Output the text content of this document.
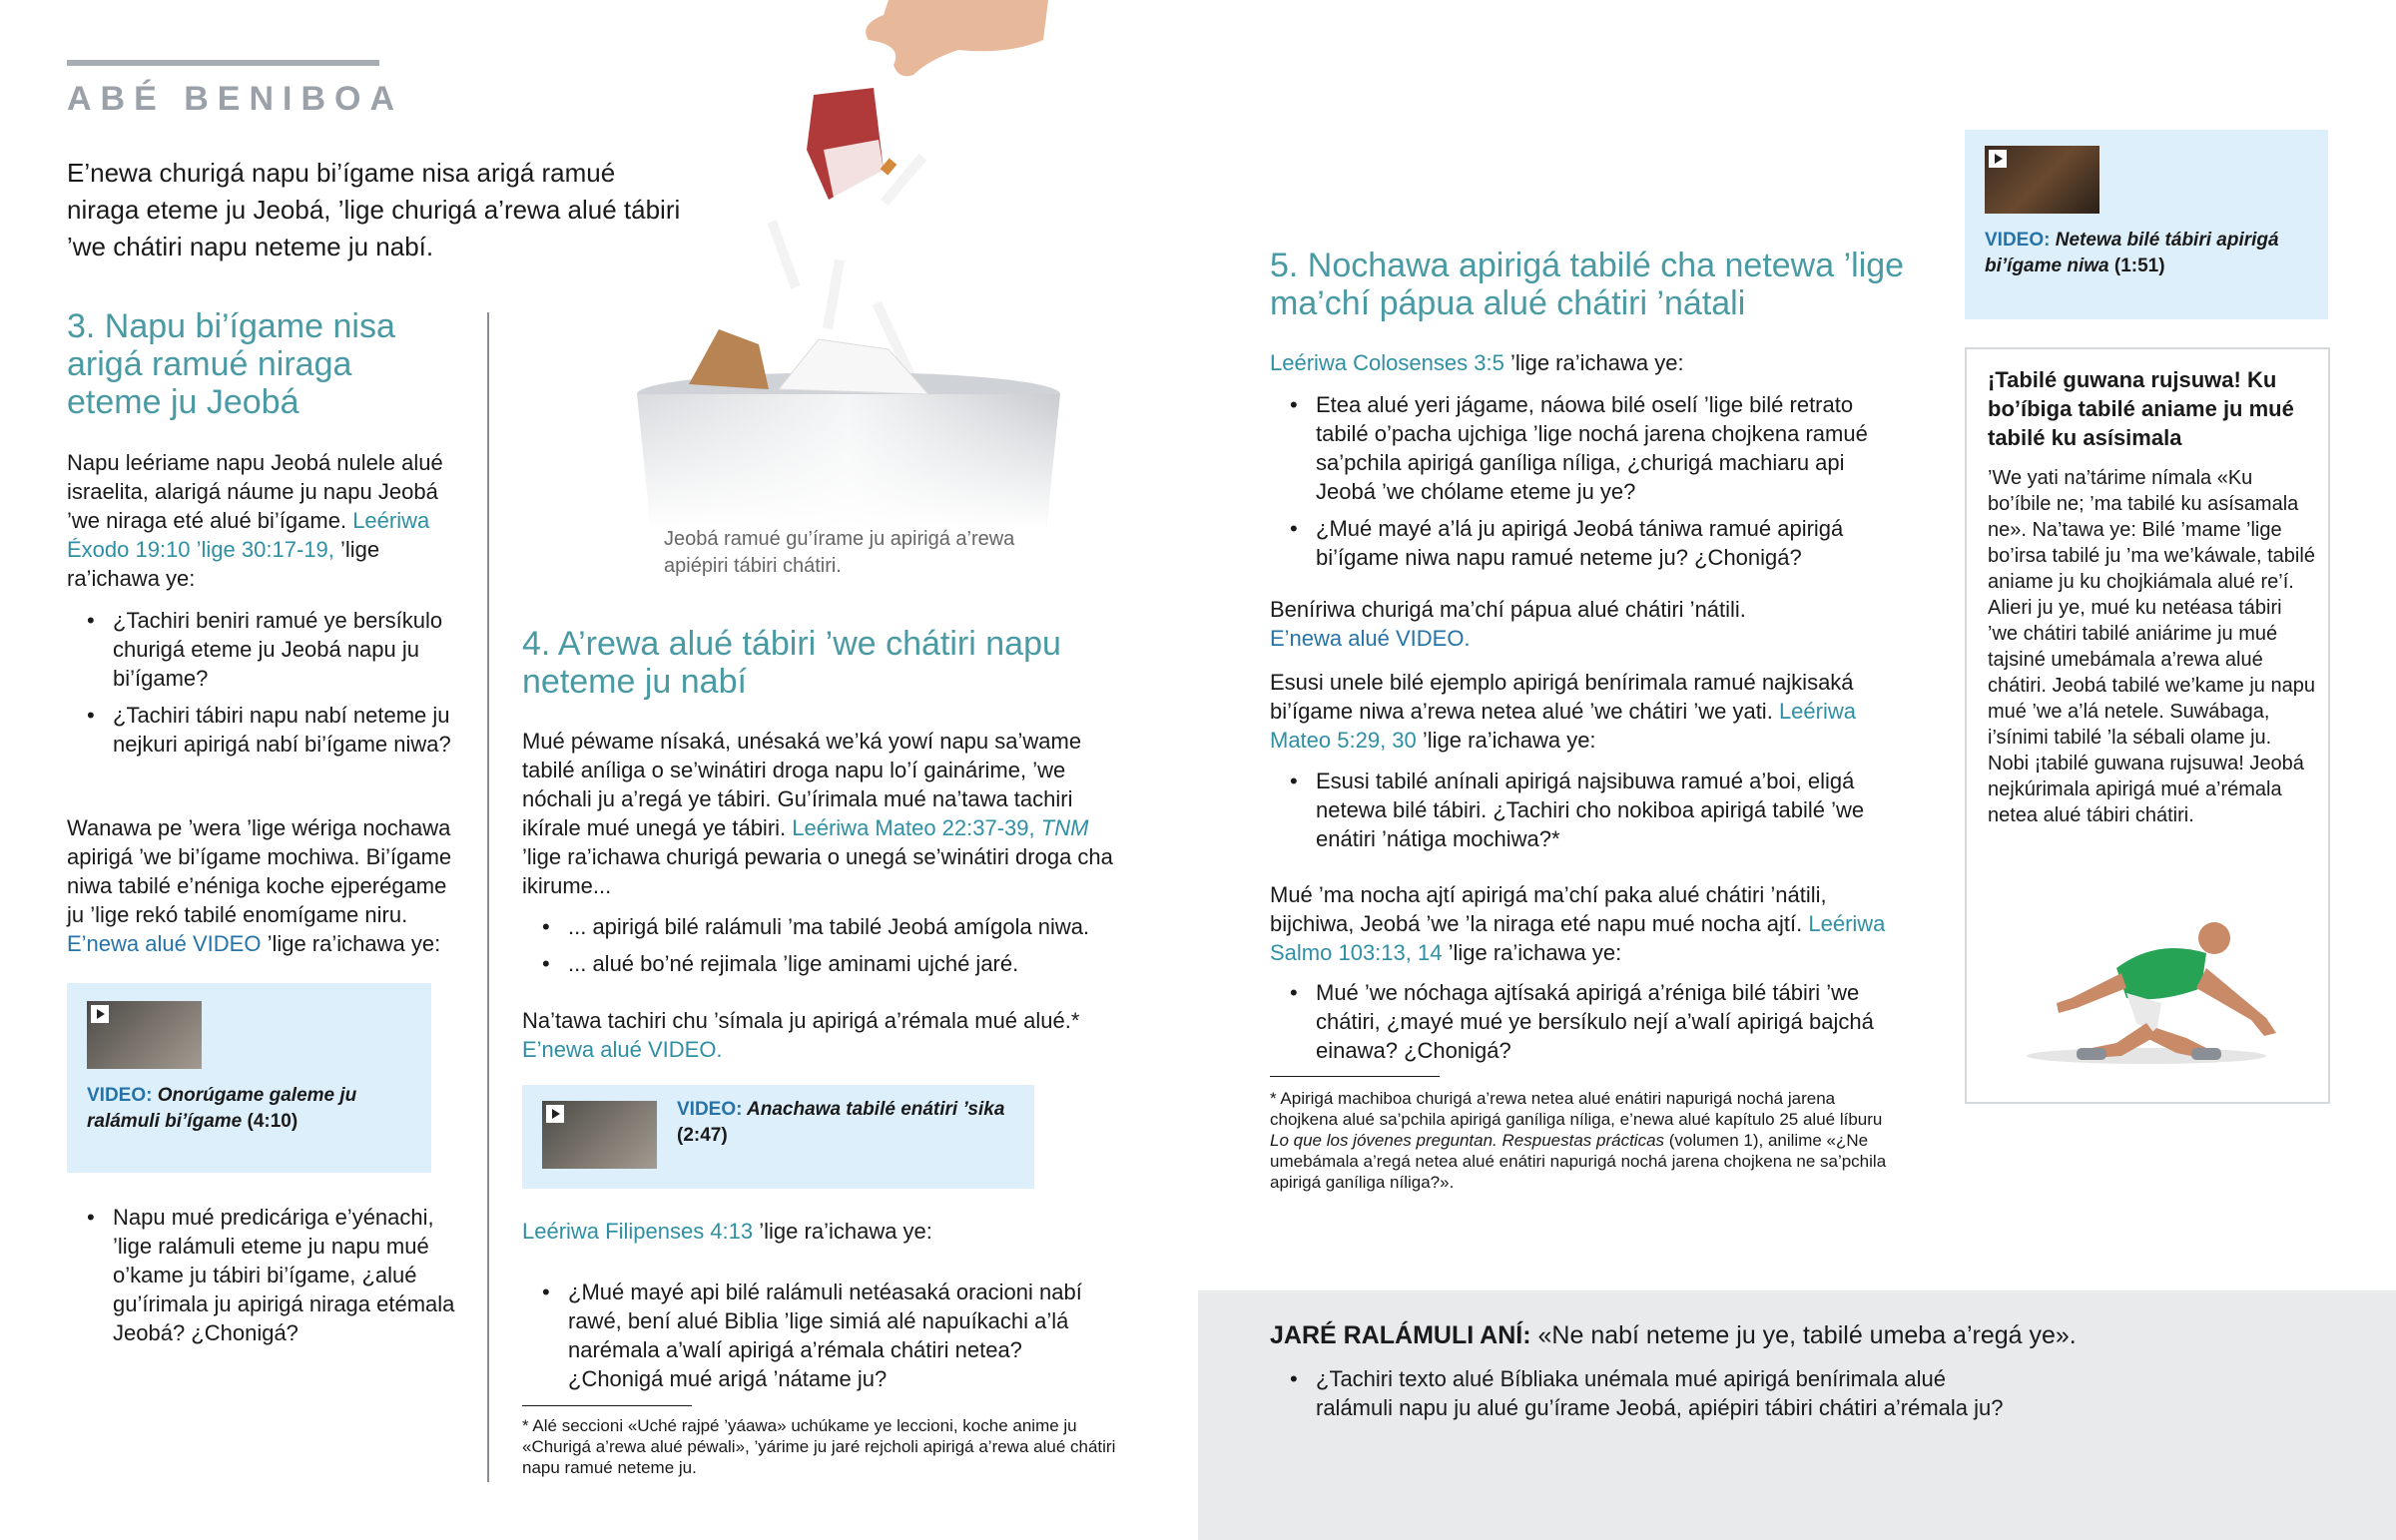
ABÉ BENIBOA
E’newa churigá napu bi’ígame nisa arigá ramué niraga eteme ju Jeobá, ’lige churigá a’rewa alué tábiri ’we chátiri napu neteme ju nabí.
Jeobá ramué gu’írame ju apirigá a’rewa apiépiri tábiri chátiri.
3. Napu bi’ígame nisa arigá ramué niraga eteme ju Jeobá

Napu leériame napu Jeobá nulele alué israelita, alarigá náume ju napu Jeobá ’we niraga eté alué bi’ígame. Leériwa Éxodo 19:10 ’lige 30:17-19, ’lige ra’ichawa ye:

• ¿Tachiri beniri ramué ye bersíkulo churigá eteme ju Jeobá napu ju bi’ígame?
• ¿Tachiri tábiri napu nabí neteme ju nejkuri apirigá nabí bi’ígame niwa?

Wanawa pe ’wera ’lige wériga nochawa apirigá ’we bi’ígame mochiwa. Bi’ígame niwa tabilé e’néniga koche ejperégame ju ’lige rekó tabilé enomígame niru. E’newa alué VIDEO ’lige ra’ichawa ye:

VIDEO: Onorúgame galeme ju ralámuli bi’ígame (4:10)
• Napu mué predicáriga e’yénachi, ’lige ralámuli eteme ju napu mué o’kame ju tábiri bi’ígame, ¿alué gu’írimala ju apirigá niraga etémala Jeobá? ¿Chonigá?
4. A’rewa alué tábiri ’we chátiri napu neteme ju nabí

Mué péwame nísaká, unésaká we’ká yowí napu sa’wame tabilé aníliga o se’winátiri droga napu lo’í gainárime, ’we nóchali ju a’regá ye tábiri. Gu’írimala mué na’tawa tachiri ikírale mué unegá ye tábiri. Leériwa Mateo 22:37-39, TNM ’lige ra’ichawa churigá pewaria o unegá se’winátiri droga cha ikirume...

• ... apirigá bilé ralámuli ’ma tabilé Jeobá amígola niwa.
• ... alué bo’né rejimala ’lige aminami ujché jaré.

Na’tawa tachiri chu ’símala ju apirigá a’rémala mué alué.*
E’newa alué VIDEO.

VIDEO: Anachawa tabilé enátiri ’sika
(2:47)

Leériwa Filipenses 4:13 ’lige ra’ichawa ye:

• ¿Mué mayé api bilé ralámuli netéasaká oracioni nabí rawé, bení alué Biblia ’lige simiá alé napuíkachi a’lá narémala a’walí apirigá a’rémala chátiri netea? ¿Chonigá mué arigá ’nátame ju?

* Alé seccioni «Uché rajpé ’yáawa» uchúkame ye leccioni, koche anime ju «Churigá a’rewa alué péwali», ’yárime ju jaré rejcholi apirigá a’rewa alué chátiri napu ramué neteme ju.

5. Nochawa apirigá tabilé cha netewa ’lige ma’chí pápua alué chátiri ’nátali

Leériwa Colosenses 3:5 ’lige ra’ichawa ye:

• Etea alué yeri jágame, náowa bilé oselí ’lige bilé retrato tabilé o’pacha ujchiga ’lige nochá jarena chojkena ramué sa’pchila apirigá ganíliga níliga, ¿churigá machiaru api Jeobá ’we chólame eteme ju ye?
• ¿Mué mayé a’lá ju apirigá Jeobá tániwa ramué apirigá bi’ígame niwa napu ramué neteme ju? ¿Chonigá?

Beníriwa churigá ma’chí pápua alué chátiri ’nátili.
E’newa alué VIDEO.

Esusi unele bilé ejemplo apirigá benírimala ramué najkisaká bi’ígame niwa a’rewa netea alué ’we chátiri ’we yati. Leériwa Mateo 5:29, 30 ’lige ra’ichawa ye:

• Esusi tabilé anínali apirigá najsibuwa ramué a’boi, eligá netewa bilé tábiri. ¿Tachiri cho nokiboa apirigá tabilé ’we enátiri ’nátiga mochiwa?*

Mué ’ma nocha ajtí apirigá ma’chí paka alué chátiri ’nátili, bijchiwa, Jeobá ’we ’la niraga eté napu mué nocha ajtí. Leériwa Salmo 103:13, 14 ’lige ra’ichawa ye:

• Mué ’we nóchaga ajtísaká apirigá a’réniga bilé tábiri ’we chátiri, ¿mayé mué ye bersíkulo nejí a’walí apirigá bajchá einawa? ¿Chonigá?

* Apirigá machiboa churigá a’rewa netea alué enátiri napurigá nochá jarena chojkena alué sa’pchila apirigá ganíliga níliga, e’newa alué kapítulo 25 alué líburu Lo que los jóvenes preguntan. Respuestas prácticas (volumen 1), anilime «¿Ne umebámala a’regá netea alué enátiri napurigá nochá jarena chojkena ne sa’pchila apirigá ganíliga níliga?».

VIDEO: Netewa bilé tábiri apirigá bi’ígame niwa (1:51)
¡Tabilé guwana rujsuwa! Ku bo’íbiga tabilé aniame ju mué tabilé ku asísimala
’We yati na’tárime nímala «Ku bo’íbile ne; ’ma tabilé ku asísamala ne». Na’tawa ye: Bilé ’mame ’lige bo’irsa tabilé ju ’ma we’káwale, tabilé aniame ju ku chojkiámala alué re’í. Alieri ju ye, mué ku netéasa tábiri ’we chátiri tabilé aniárime ju mué tajsiné umebámala a’rewa alué chátiri. Jeobá tabilé we’kame ju napu mué ’we a’lá netele. Suwábaga, i’sínimi tabilé ’la sébali olame ju. Nobi ¡tabilé guwana rujsuwa! Jeobá nejkúrimala apirigá mué a’rémala netea alué tábiri chátiri.
JARÉ RALÁMULI ANÍ: «Ne nabí neteme ju ye, tabilé umeba a’regá ye».
• ¿Tachiri texto alué Bíbliaka unémala mué apirigá benírimala alué ralámuli napu ju alué gu’írame Jeobá, apiépiri tábiri chátiri a’rémala ju?
